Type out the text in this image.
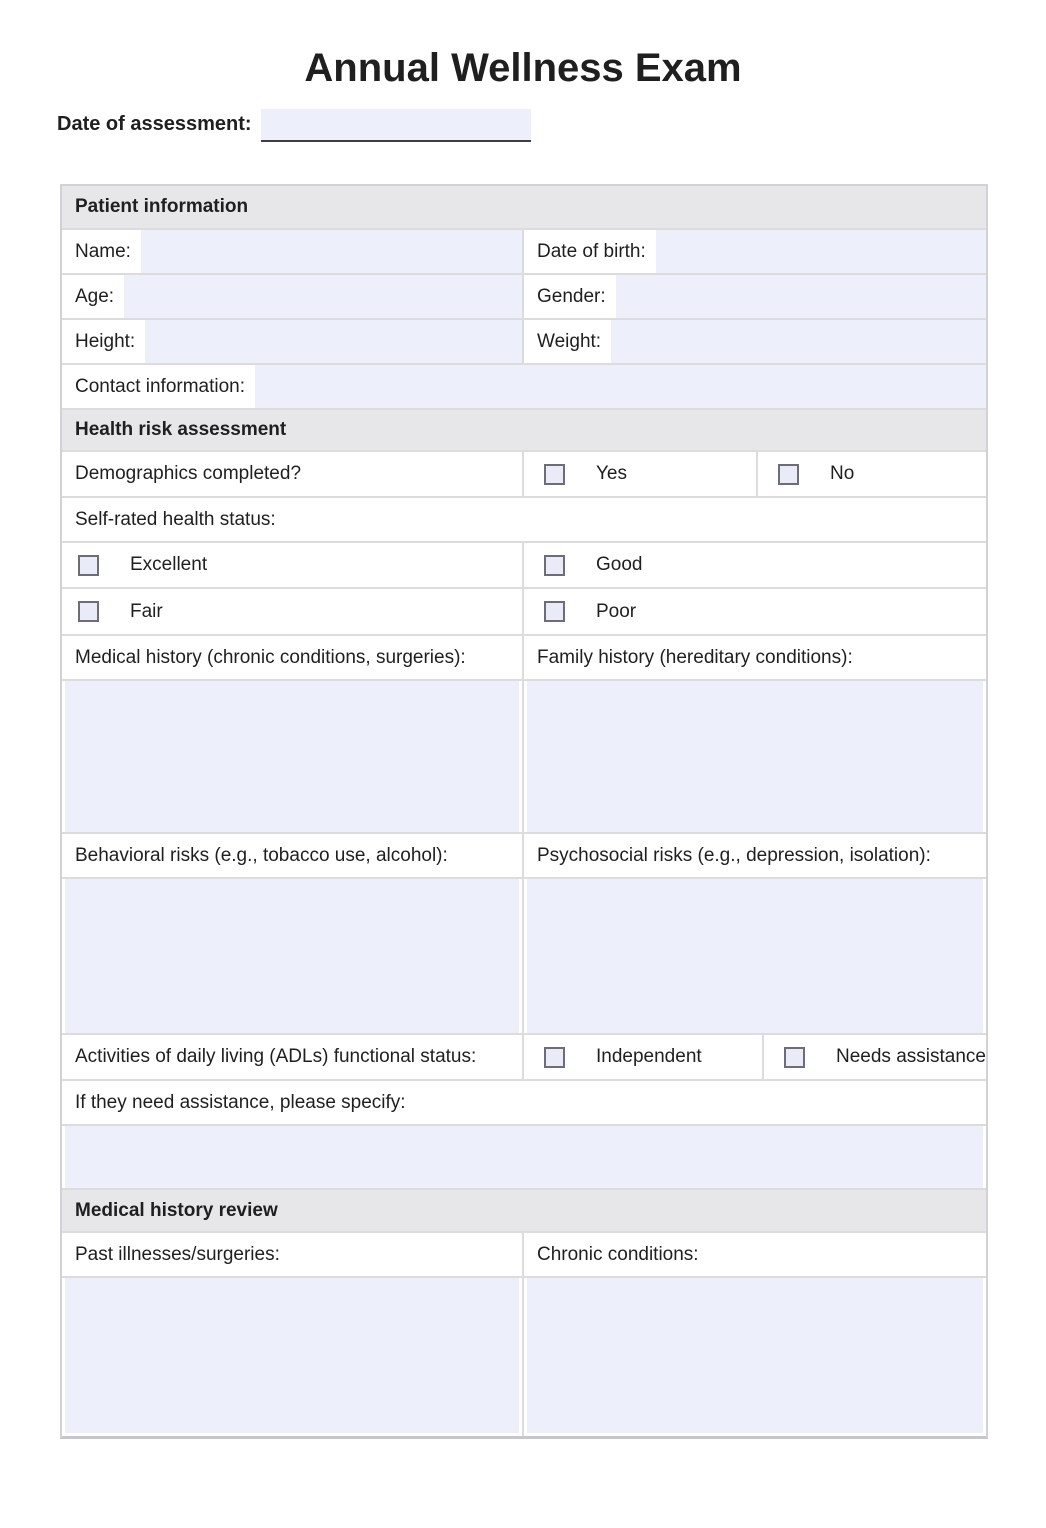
Annual Wellness Exam
Date of assessment:
Patient information
Name:	Date of birth:
Age:	Gender:
Height:	Weight:
Contact information:
Health risk assessment
Demographics completed?	Yes	No
Self-rated health status:
Excellent	Good
Fair	Poor
Medical history (chronic conditions, surgeries):	Family history (hereditary conditions):
Behavioral risks (e.g., tobacco use, alcohol):	Psychosocial risks (e.g., depression, isolation):
Activities of daily living (ADLs) functional status:	Independent	Needs assistance
If they need assistance, please specify:
Medical history review
Past illnesses/surgeries:	Chronic conditions:
